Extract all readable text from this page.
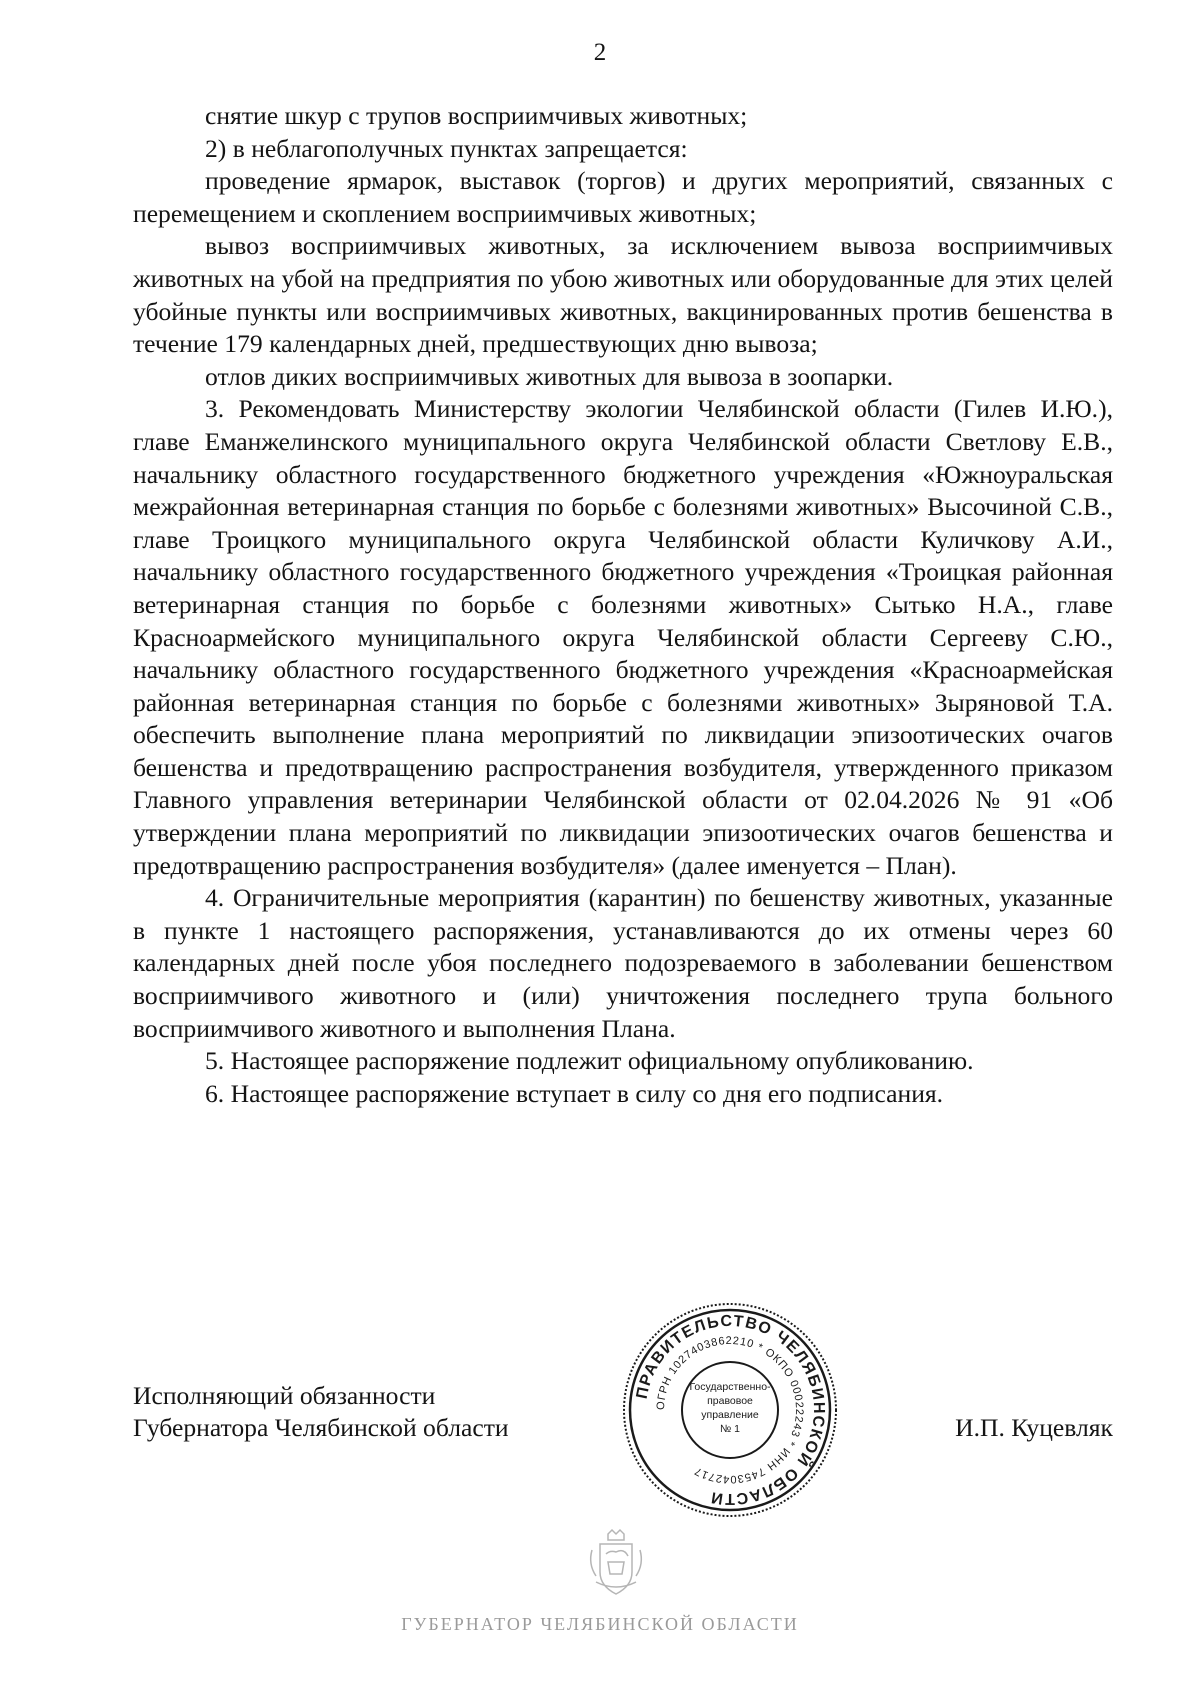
2

снятие шкур с трупов восприимчивых животных;

2) в неблагополучных пунктах запрещается:

проведение ярмарок, выставок (торгов) и других мероприятий, связанных с перемещением и скоплением восприимчивых животных;

вывоз восприимчивых животных, за исключением вывоза восприимчивых животных на убой на предприятия по убою животных или оборудованные для этих целей убойные пункты или восприимчивых животных, вакцинированных против бешенства в течение 179 календарных дней, предшествующих дню вывоза;

отлов диких восприимчивых животных для вывоза в зоопарки.

3. Рекомендовать Министерству экологии Челябинской области (Гилев И.Ю.), главе Еманжелинского муниципального округа Челябинской области Светлову Е.В., начальнику областного государственного бюджетного учреждения «Южноуральская межрайонная ветеринарная станция по борьбе с болезнями животных» Высочиной С.В., главе Троицкого муниципального округа Челябинской области Куличкову А.И., начальнику областного государственного бюджетного учреждения «Троицкая районная ветеринарная станция по борьбе с болезнями животных» Сытько Н.А., главе Красноармейского муниципального округа Челябинской области Сергееву С.Ю., начальнику областного государственного бюджетного учреждения «Красноармейская районная ветеринарная станция по борьбе с болезнями животных» Зыряновой Т.А. обеспечить выполнение плана мероприятий по ликвидации эпизоотических очагов бешенства и предотвращению распространения возбудителя, утвержденного приказом Главного управления ветеринарии Челябинской области от 02.04.2026 № 91 «Об утверждении плана мероприятий по ликвидации эпизоотических очагов бешенства и предотвращению распространения возбудителя» (далее именуется – План).

4. Ограничительные мероприятия (карантин) по бешенству животных, указанные в пункте 1 настоящего распоряжения, устанавливаются до их отмены через 60 календарных дней после убоя последнего подозреваемого в заболевании бешенством восприимчивого животного и (или) уничтожения последнего трупа больного восприимчивого животного и выполнения Плана.

5. Настоящее распоряжение подлежит официальному опубликованию.

6. Настоящее распоряжение вступает в силу со дня его подписания.

Исполняющий обязанности
Губернатора Челябинской области	И.П. Куцевляк
ПРАВИТЕЛЬСТВО ЧЕЛЯБИНСКОЙ ОБЛАСТИ
ОГРН 1027403862210 * ОКПО 00022243 * ИНН 7453042717
Государственно-
правовое
управление
№ 1
ГУБЕРНАТОР ЧЕЛЯБИНСКОЙ ОБЛАСТИ
